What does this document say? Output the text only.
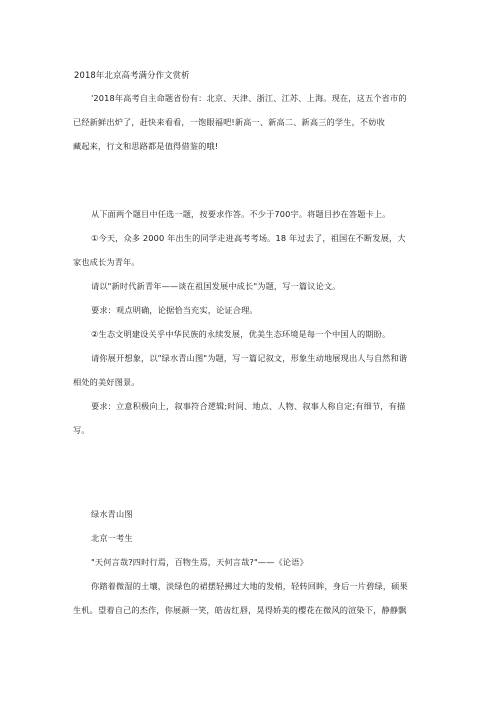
2018年北京高考满分作文赏析
'2018年高考自主命题省份有：北京、天津、浙江、江苏、上海。现在，这五个省市的
已经新鲜出炉了，赶快来看看，一饱眼福吧!新高一、新高二、新高三的学生，不妨收
藏起来，行文和思路都是值得借鉴的哦!
从下面两个题目中任选一题，按要求作答。不少于700字。将题目抄在答题卡上。
①今天，众多 2000 年出生的同学走进高考考场。18 年过去了，祖国在不断发展，大
家也成长为青年。
请以"新时代新青年——谈在祖国发展中成长"为题，写一篇议论文。
要求：观点明确，论据恰当充实，论证合理。
②生态文明建设关乎中华民族的永续发展，优美生态环境是每一个中国人的期盼。
请你展开想象，以"绿水青山图"为题，写一篇记叙文，形象生动地展现出人与自然和谐
相处的美好图景。
要求：立意积极向上，叙事符合逻辑;时间、地点、人物、叙事人称自定;有细节，有描
写。
绿水青山图
北京一考生
"天何言哉?四时行焉，百物生焉，天何言哉?"——《论语》
你踏着微湿的土壤，淡绿色的裙摆轻拂过大地的发梢，轻转回眸，身后一片碧绿，硕果
生机。望着自己的杰作，你展颜一笑，皓齿红唇，晃得娇美的樱花在微风的渲染下，静静飘
